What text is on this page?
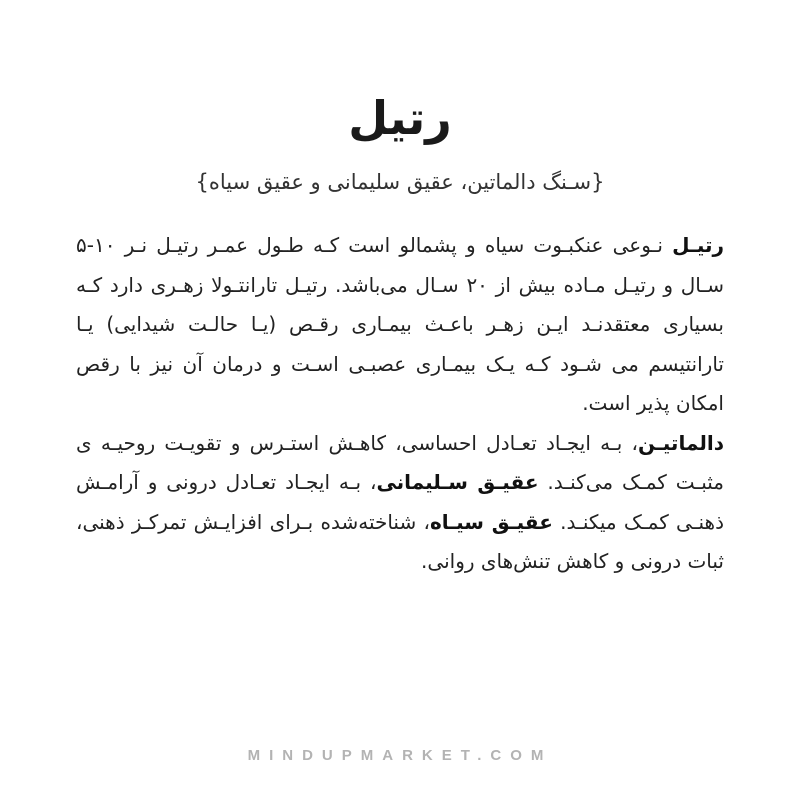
رتیل
{سـنگ دالماتین، عقیق سلیمانی و عقیق سیاه}

رتیـل نـوعی عنکبـوت سیاه و پشمالو است کـه طـول عمـر رتیـل نـر ۱۰-۵ سـال و رتیـل مـاده بیش از ۲۰ سـال می‌باشد. رتیـل تارانتـولا زهـری دارد کـه بسیاری معتقدنـد ایـن زهـر باعـث بیمـاری رقـص (یـا حالـت شیدایی) یـا تارانتیسم می شـود کـه یـک بیمـاری عصبـی اسـت و درمان آن نیز با رقص امکان پذیر است.

دالماتیـن، بـه ایجـاد تعـادل احساسی، کاهـش استـرس و تقویـت روحیـه ی مثبـت کمـک می‌کنـد. عقیـق سـلیمانی، بـه ایجـاد تعـادل درونی و آرامـش ذهنـی کمـک میکنـد. عقیـق سیـاه، شناخته‌شده بـرای افزایـش تمرکـز ذهنی، ثبات درونی و کاهش تنش‌های روانی.

MINDUPMARKET.COM
